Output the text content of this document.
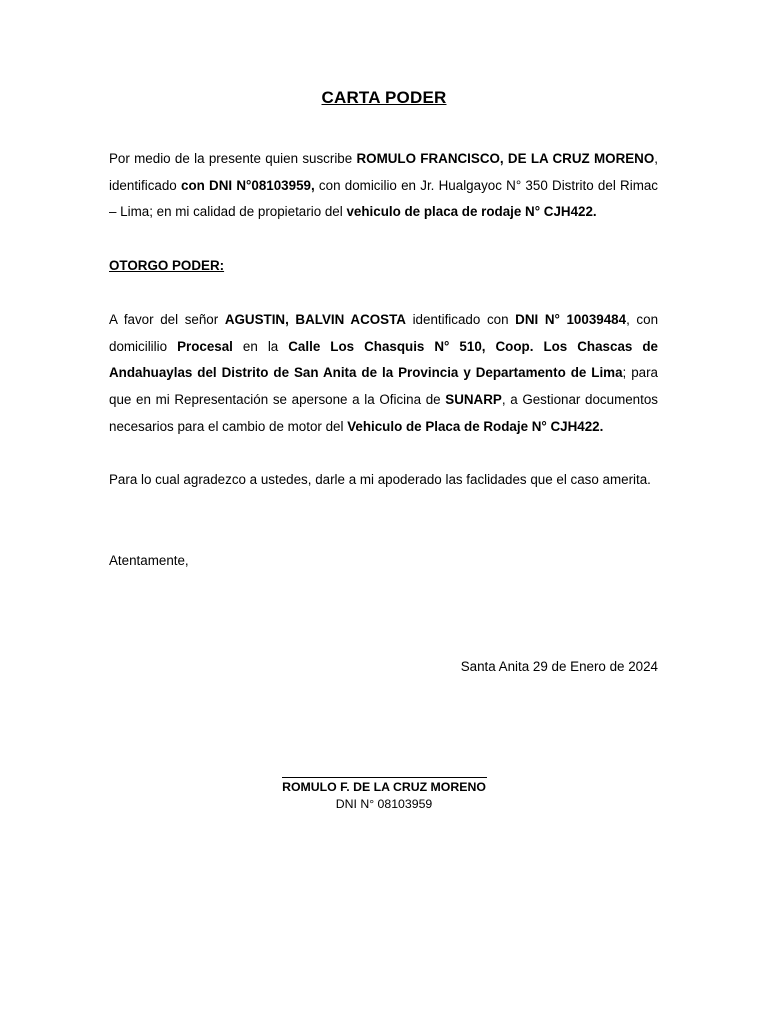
CARTA PODER

Por medio de la presente quien suscribe ROMULO FRANCISCO, DE LA CRUZ MORENO, identificado con DNI N°08103959, con domicilio en Jr. Hualgayoc N° 350 Distrito del Rimac – Lima; en mi calidad de propietario del vehiculo de placa de rodaje N° CJH422.

OTORGO PODER:

A favor del señor AGUSTIN, BALVIN ACOSTA identificado con DNI N° 10039484, con domicililio Procesal en la Calle Los Chasquis N° 510, Coop. Los Chascas de Andahuaylas del Distrito de San Anita de la Provincia y Departamento de Lima; para que en mi Representación se apersone a la Oficina de SUNARP, a Gestionar documentos necesarios para el cambio de motor del Vehiculo de Placa de Rodaje N° CJH422.

Para lo cual agradezco a ustedes, darle a mi apoderado las faclidades que el caso amerita.

Atentamente,
Santa Anita 29 de Enero de 2024
ROMULO F. DE LA CRUZ MORENO
DNI N° 08103959
